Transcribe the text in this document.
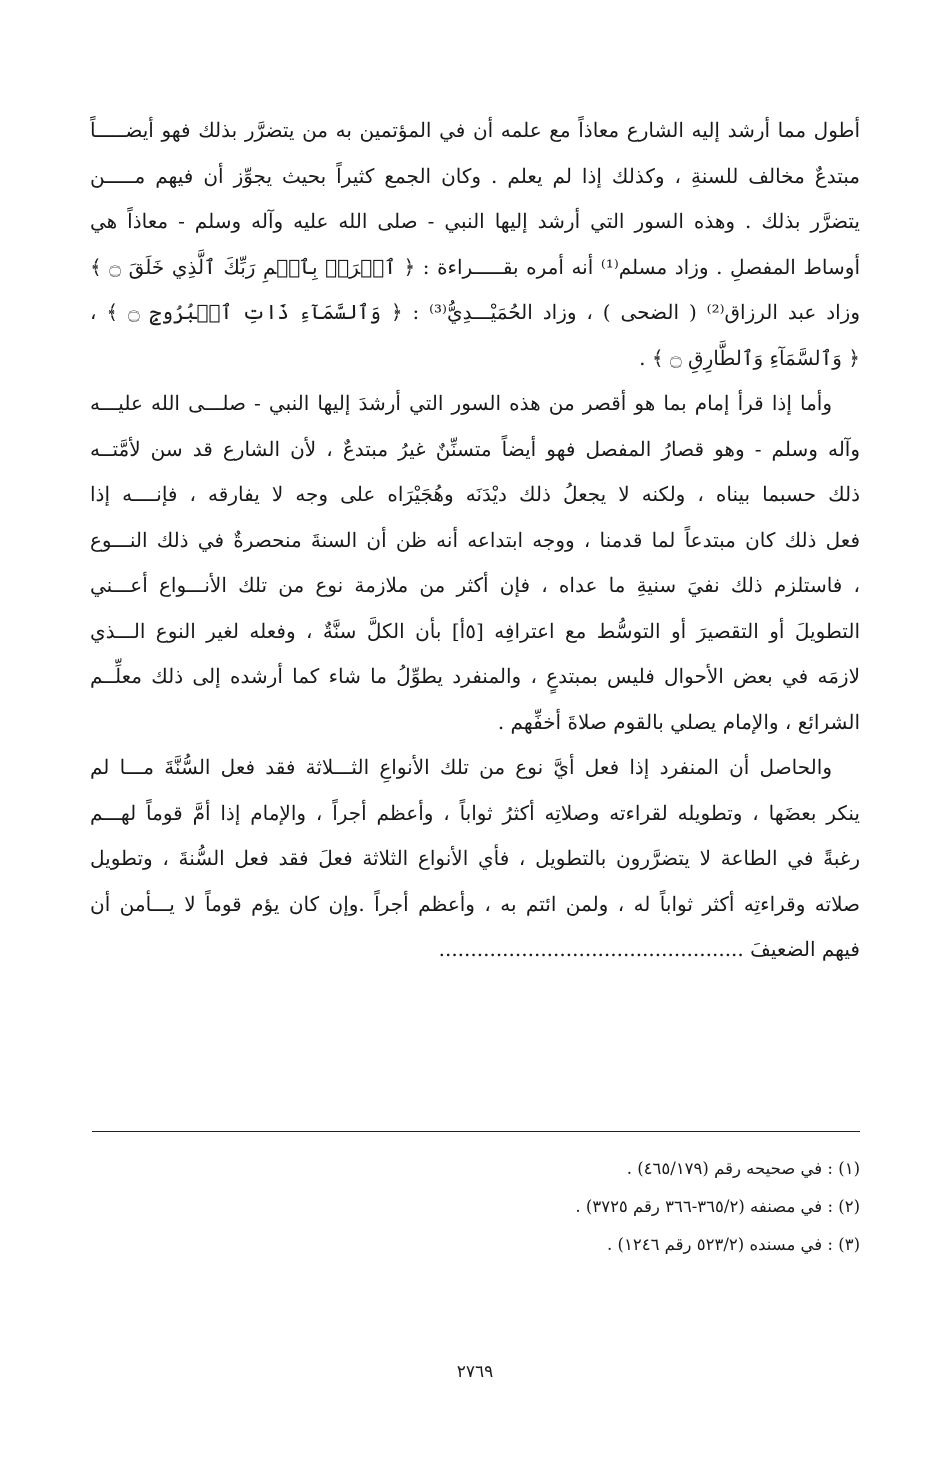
أطول مما أرشد إليه الشارع معاذاً مع علمه أن في المؤتمين به من يتضرَّر بذلك فهو أيضـــــاً
مبتدعٌ مخالف للسنةِ ، وكذلك إذا لم يعلم . وكان الجمع كثيراً بحيث يجوِّز أن فيهم مـــــن
يتضرَّر بذلك . وهذه السور التي أرشد إليها النبي - صلى الله عليه وآله وسلم - معاذاً هي
أوساط المفصلِ . وزاد مسلم⁽¹⁾ أنه أمره بقـــــراءة : ﴿ ٱقۡرَأۡ بِٱسۡمِ رَبِّكَ ٱلَّذِي خَلَقَ ۝ ﴾
وزاد عبد الرزاق⁽²⁾ ( الضحى ) ، وزاد الحُمَيْـــدِيُّ⁽³⁾ : ﴿ وَٱلسَّمَآءِ ذَاتِ ٱلۡبُرُوجِ ۝ ﴾ ،
﴿ وَٱلسَّمَآءِ وَٱلطَّارِقِ ۝ ﴾ .
وأما إذا قرأ إمام بما هو أقصر من هذه السور التي أرشدَ إليها النبي - صلـــى الله عليـــه
وآله وسلم - وهو قصارُ المفصل فهو أيضاً متسنِّنٌ غيرُ مبتدعٌ ، لأن الشارع قد سن لأمَّتــه
ذلك حسبما بيناه ، ولكنه لا يجعلُ ذلك ديْدَنَه وهُجَيْرَاه على وجه لا يفارقه ، فإنــــه إذا
فعل ذلك كان مبتدعاً لما قدمنا ، ووجه ابتداعه أنه ظن أن السنةَ منحصرةٌ في ذلك النـــوع
، فاستلزم ذلك نفيَ سنيةِ ما عداه ، فإن أكثر من ملازمة نوع من تلك الأنـــواع أعـــني
التطويلَ أو التقصيرَ أو التوسُّط مع اعترافِه [٥أ] بأن الكلَّ سنَّةٌ ، وفعله لغير النوع الـــذي
لازمَه في بعض الأحوال فليس بمبتدعٍ ، والمنفرد يطوِّلُ ما شاء كما أرشده إلى ذلك معلِّــم
الشرائع ، والإمام يصلي بالقوم صلاةَ أخفِّهم .
والحاصل أن المنفرد إذا فعل أيَّ نوع من تلك الأنواعِ الثـــلاثة فقد فعل السُّنَّةَ مـــا لم
ينكر بعضَها ، وتطويله لقراءته وصلاتِه أكثرُ ثواباً ، وأعظم أجراً ، والإمام إذا أمَّ قوماً لهـــم
رغبةً في الطاعة لا يتضرَّرون بالتطويل ، فأي الأنواع الثلاثة فعلَ فقد فعل السُّنةَ ، وتطويل
صلاته وقراءتِه أكثر ثواباً له ، ولمن ائتم به ، وأعظم أجراً .وإن كان يؤم قوماً لا يـــأمن أن
فيهم الضعيفَ ................................................
(١) : في صحيحه رقم (٤٦٥/١٧٩) .
(٢) : في مصنفه (٣٦٥/٢-٣٦٦ رقم ٣٧٢٥) .
(٣) : في مسنده (٥٢٣/٢ رقم ١٢٤٦) .
٢٧٦٩
